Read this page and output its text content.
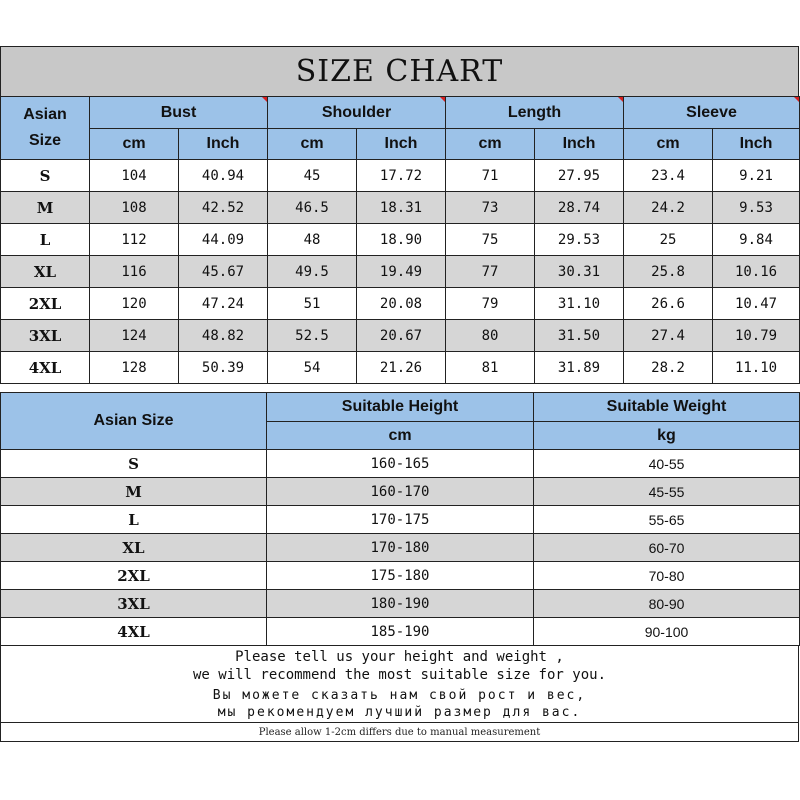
SIZE CHART
Asian
Size	Bust		Shoulder		Length		Sleeve	
	cm	Inch	cm	Inch	cm	Inch	cm	Inch
S	104	40.94	45	17.72	71	27.95	23.4	9.21
M	108	42.52	46.5	18.31	73	28.74	24.2	9.53
L	112	44.09	48	18.90	75	29.53	25	9.84
XL	116	45.67	49.5	19.49	77	30.31	25.8	10.16
2XL	120	47.24	51	20.08	79	31.10	26.6	10.47
3XL	124	48.82	52.5	20.67	80	31.50	27.4	10.79
4XL	128	50.39	54	21.26	81	31.89	28.2	11.10
Asian Size	Suitable Height	Suitable Weight
	cm	kg
S	160-165	40-55
M	160-170	45-55
L	170-175	55-65
XL	170-180	60-70
2XL	175-180	70-80
3XL	180-190	80-90
4XL	185-190	90-100
Please tell us your height and weight ,
we will recommend the most suitable size for you.
Вы можете сказать нам свой рост и вес,
мы рекомендуем лучший размер для вас.
Please allow 1-2cm differs due to manual measurement
